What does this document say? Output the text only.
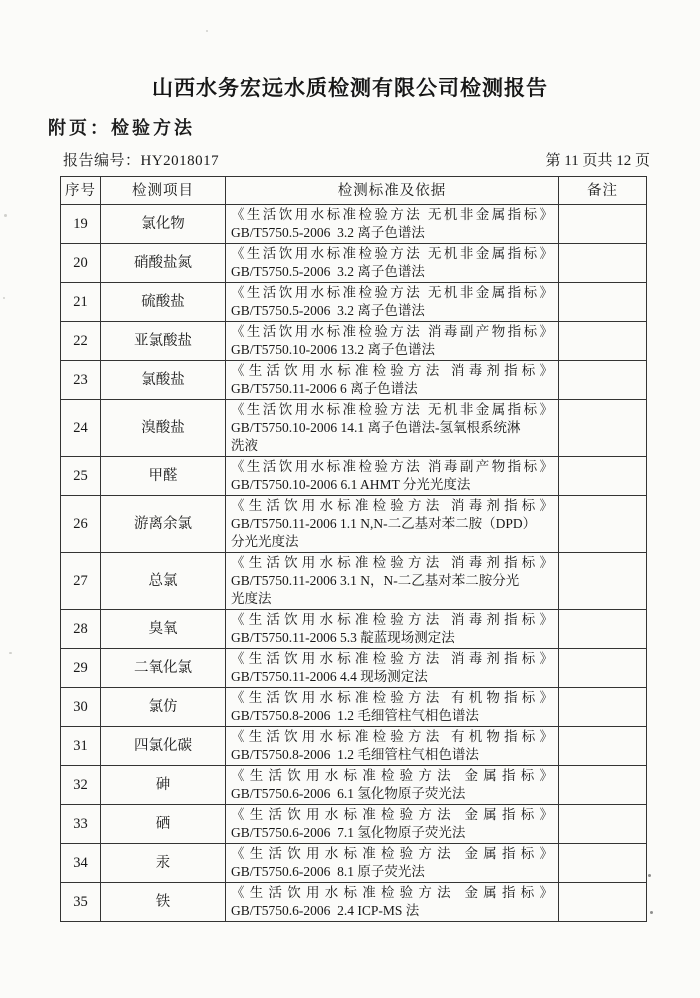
山西水务宏远水质检测有限公司检测报告
附页：检验方法
报告编号：HY2018017	第 11 页共 12 页
序号	检测项目	检测标准及依据	备注
19	氯化物	《生活饮用水标准检验方法 无机非金属指标》
GB/T5750.5-2006  3.2 离子色谱法	

20	硝酸盐氮	《生活饮用水标准检验方法 无机非金属指标》
GB/T5750.5-2006  3.2 离子色谱法	

21	硫酸盐	《生活饮用水标准检验方法 无机非金属指标》
GB/T5750.5-2006  3.2 离子色谱法	

22	亚氯酸盐	《生活饮用水标准检验方法 消毒副产物指标》
GB/T5750.10-2006 13.2 离子色谱法	

23	氯酸盐	《生活饮用水标准检验方法 消毒剂指标》
GB/T5750.11-2006 6 离子色谱法	

24	溴酸盐	《生活饮用水标准检验方法 无机非金属指标》
GB/T5750.10-2006 14.1 离子色谱法-氢氧根系统淋
洗液	

25	甲醛	《生活饮用水标准检验方法 消毒副产物指标》
GB/T5750.10-2006 6.1 AHMT 分光光度法	

26	游离余氯	《生活饮用水标准检验方法 消毒剂指标》
GB/T5750.11-2006 1.1 N,N-二乙基对苯二胺（DPD）
分光光度法	

27	总氯	《生活饮用水标准检验方法 消毒剂指标》
GB/T5750.11-2006 3.1 N，N-二乙基对苯二胺分光
光度法	

28	臭氧	《生活饮用水标准检验方法 消毒剂指标》
GB/T5750.11-2006 5.3 靛蓝现场测定法	

29	二氧化氯	《生活饮用水标准检验方法 消毒剂指标》
GB/T5750.11-2006 4.4 现场测定法	

30	氯仿	《生活饮用水标准检验方法 有机物指标》
GB/T5750.8-2006  1.2 毛细管柱气相色谱法	

31	四氯化碳	《生活饮用水标准检验方法 有机物指标》
GB/T5750.8-2006  1.2 毛细管柱气相色谱法	

32	砷	《生活饮用水标准检验方法 金属指标》
GB/T5750.6-2006  6.1 氢化物原子荧光法	

33	硒	《生活饮用水标准检验方法 金属指标》
GB/T5750.6-2006  7.1 氢化物原子荧光法	

34	汞	《生活饮用水标准检验方法 金属指标》
GB/T5750.6-2006  8.1 原子荧光法	

35	铁	《生活饮用水标准检验方法 金属指标》
GB/T5750.6-2006  2.4 ICP-MS 法	
